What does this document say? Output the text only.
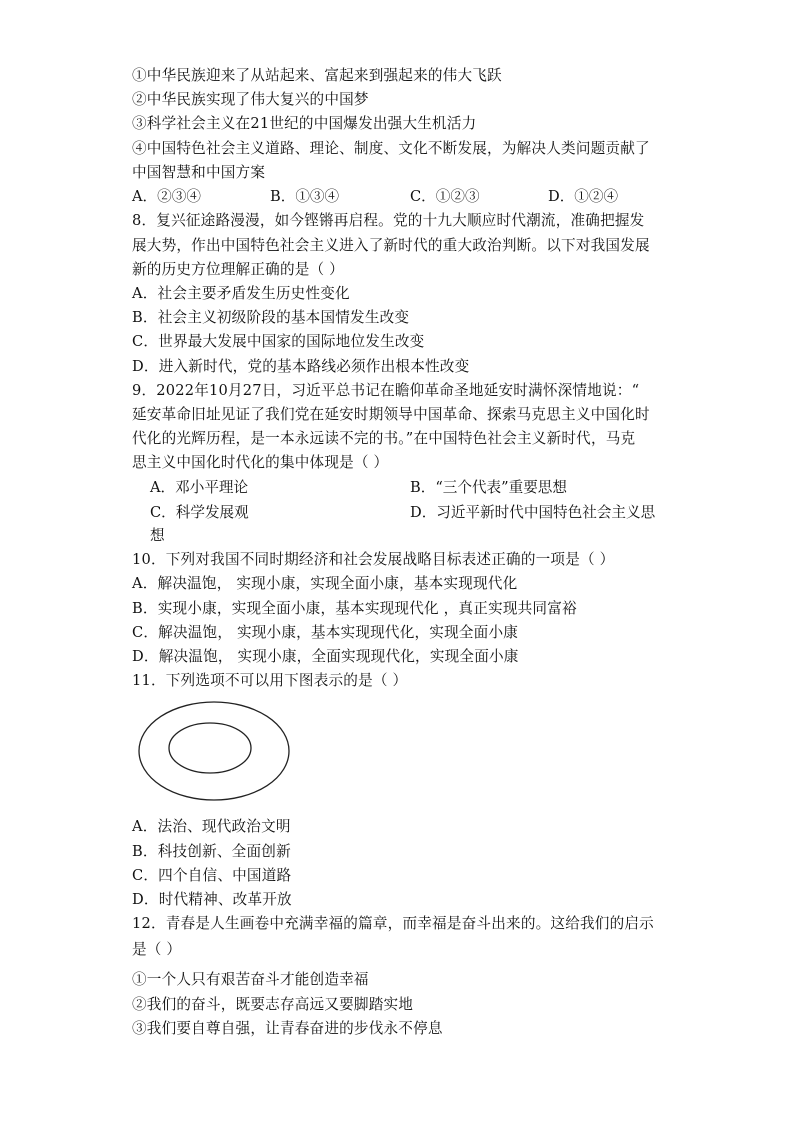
①中华民族迎来了从站起来、富起来到强起来的伟大飞跃
②中华民族实现了伟大复兴的中国梦
③科学社会主义在21世纪的中国爆发出强大生机活力
④中国特色社会主义道路、理论、制度、文化不断发展，为解决人类问题贡献了
中国智慧和中国方案
A．②③④	B．①③④	C．①②③	D．①②④
8．复兴征途路漫漫，如今铿锵再启程。党的十九大顺应时代潮流，准确把握发
展大势，作出中国特色社会主义进入了新时代的重大政治判断。以下对我国发展
新的历史方位理解正确的是（ ）
A．社会主要矛盾发生历史性变化
B．社会主义初级阶段的基本国情发生改变
C．世界最大发展中国家的国际地位发生改变
D．进入新时代，党的基本路线必须作出根本性改变
9．2022年10月27日，习近平总书记在瞻仰革命圣地延安时满怀深情地说：“
延安革命旧址见证了我们党在延安时期领导中国革命、探索马克思主义中国化时
代化的光辉历程，是一本永远读不完的书。”在中国特色社会主义新时代，马克
思主义中国化时代化的集中体现是（ ）
A．邓小平理论	B．“三个代表”重要思想
C．科学发展观	D．习近平新时代中国特色社会主义思
想
10．下列对我国不同时期经济和社会发展战略目标表述正确的一项是（ ）
A．解决温饱， 实现小康，实现全面小康，基本实现现代化
B．实现小康，实现全面小康，基本实现现代化 ，真正实现共同富裕
C．解决温饱， 实现小康，基本实现现代化，实现全面小康
D．解决温饱， 实现小康，全面实现现代化，实现全面小康
11．下列选项不可以用下图表示的是（ ）
A．法治、现代政治文明
B．科技创新、全面创新
C．四个自信、中国道路
D．时代精神、改革开放
12．青春是人生画卷中充满幸福的篇章，而幸福是奋斗出来的。这给我们的启示
是（ ）
①一个人只有艰苦奋斗才能创造幸福
②我们的奋斗，既要志存高远又要脚踏实地
③我们要自尊自强，让青春奋进的步伐永不停息
